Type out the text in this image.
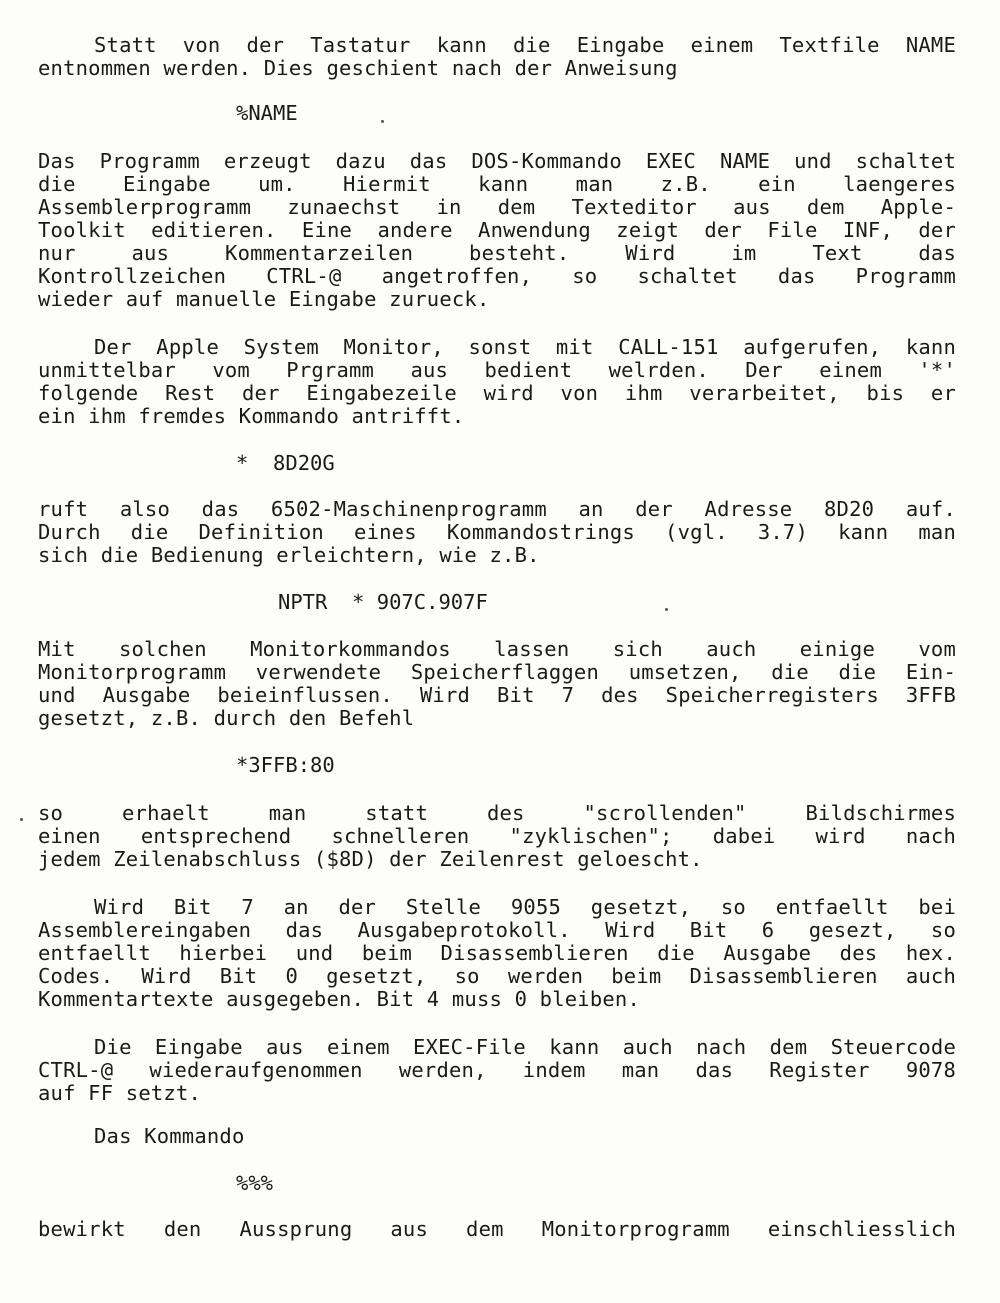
Statt von der Tastatur kann die Eingabe einem Textfile NAME
entnommen werden. Dies geschient nach der Anweisung
%NAME
Das Programm erzeugt dazu das DOS-Kommando EXEC NAME und schaltet
die Eingabe um. Hiermit kann man z.B. ein laengeres
Assemblerprogramm zunaechst in dem Texteditor aus dem Apple-
Toolkit editieren. Eine andere Anwendung zeigt der File INF, der
nur aus Kommentarzeilen besteht. Wird im Text das
Kontrollzeichen CTRL-@ angetroffen, so schaltet das Programm
wieder auf manuelle Eingabe zurueck.
Der Apple System Monitor, sonst mit CALL-151 aufgerufen, kann
unmittelbar vom Prgramm aus bedient welrden. Der einem '*'
folgende Rest der Eingabezeile wird von ihm verarbeitet, bis er
ein ihm fremdes Kommando antrifft.
*  8D20G
ruft also das 6502-Maschinenprogramm an der Adresse 8D20 auf.
Durch die Definition eines Kommandostrings (vgl. 3.7) kann man
sich die Bedienung erleichtern, wie z.B.
NPTR  * 907C.907F
Mit solchen Monitorkommandos lassen sich auch einige vom
Monitorprogramm verwendete Speicherflaggen umsetzen, die die Ein-
und Ausgabe beieinflussen. Wird Bit 7 des Speicherregisters 3FFB
gesetzt, z.B. durch den Befehl
*3FFB:80
so erhaelt man statt des "scrollenden" Bildschirmes
einen entsprechend schnelleren "zyklischen"; dabei wird nach
jedem Zeilenabschluss ($8D) der Zeilenrest geloescht.
Wird Bit 7 an der Stelle 9055 gesetzt, so entfaellt bei
Assemblereingaben das Ausgabeprotokoll. Wird Bit 6 gesezt, so
entfaellt hierbei und beim Disassemblieren die Ausgabe des hex.
Codes. Wird Bit 0 gesetzt, so werden beim Disassemblieren auch
Kommentartexte ausgegeben. Bit 4 muss 0 bleiben.
Die Eingabe aus einem EXEC-File kann auch nach dem Steuercode
CTRL-@ wiederaufgenommen werden, indem man das Register 9078
auf FF setzt.
Das Kommando
%%%
bewirkt den Aussprung aus dem Monitorprogramm einschliesslich
